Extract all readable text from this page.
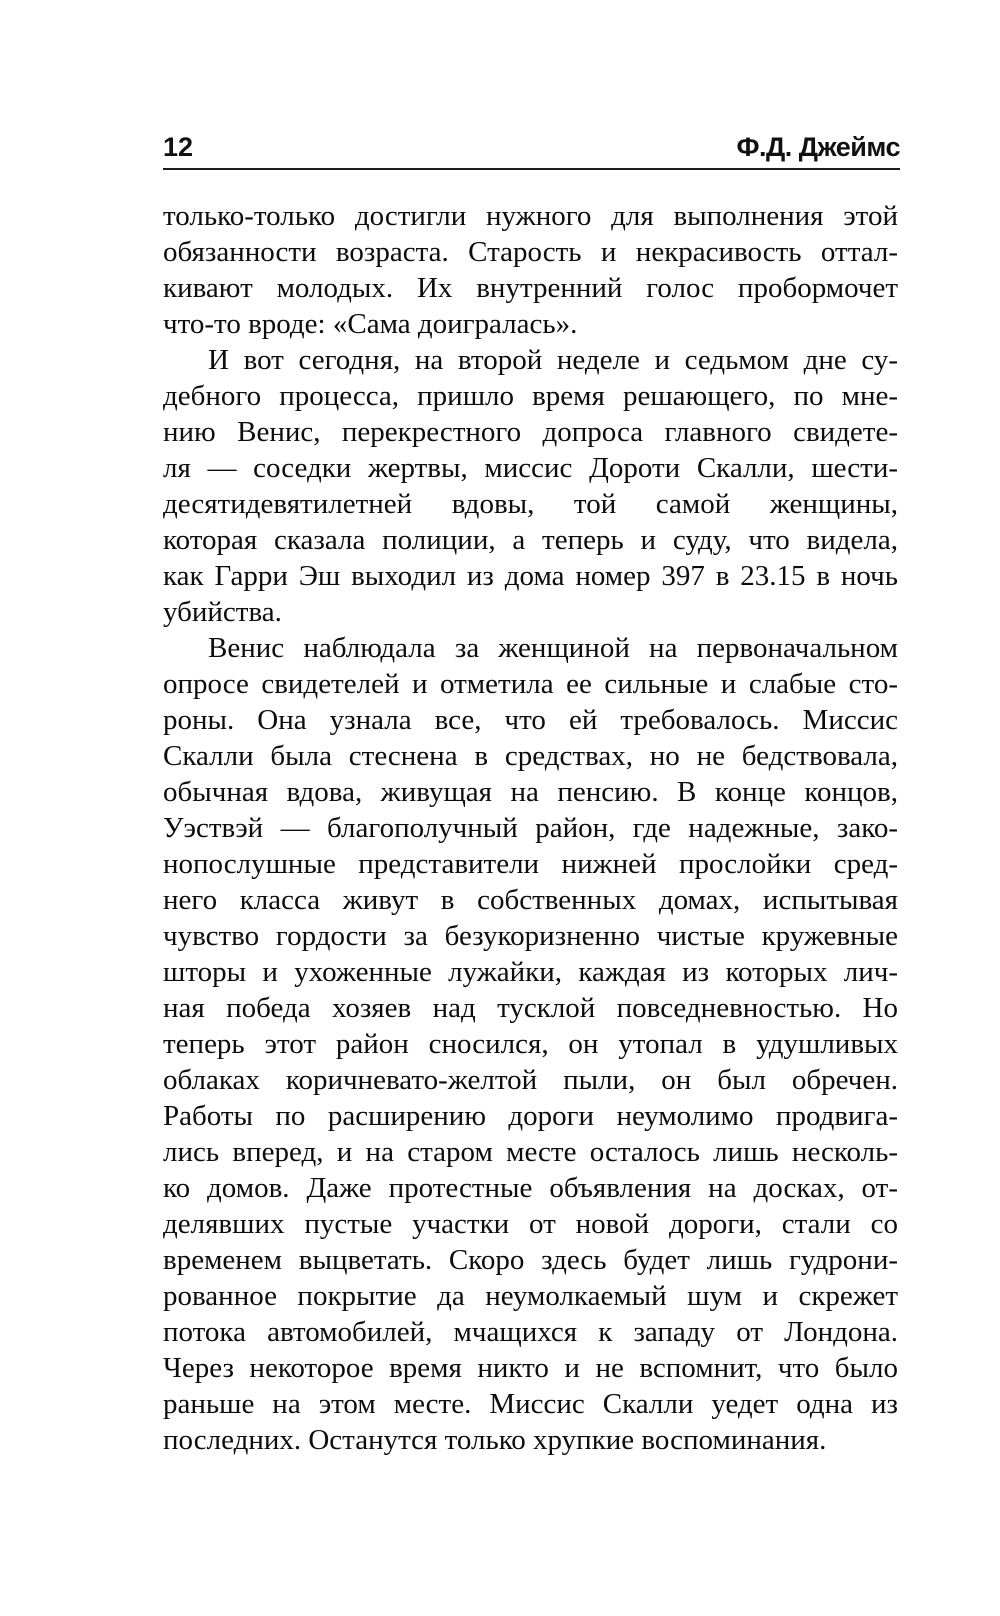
12	Ф.Д. Джеймс
только-только достигли нужного для выполнения этой
обязанности возраста. Старость и некрасивость оттал-
кивают молодых. Их внутренний голос пробормочет
что-то вроде: «Сама доигралась».
И вот сегодня, на второй неделе и седьмом дне су-
дебного процесса, пришло время решающего, по мне-
нию Венис, перекрестного допроса главного свидете-
ля — соседки жертвы, миссис Дороти Скалли, шести-
десятидевятилетней вдовы, той самой женщины,
которая сказала полиции, а теперь и суду, что видела,
как Гарри Эш выходил из дома номер 397 в 23.15 в ночь
убийства.
Венис наблюдала за женщиной на первоначальном
опросе свидетелей и отметила ее сильные и слабые сто-
роны. Она узнала все, что ей требовалось. Миссис
Скалли была стеснена в средствах, но не бедствовала,
обычная вдова, живущая на пенсию. В конце концов,
Уэствэй — благополучный район, где надежные, зако-
нопослушные представители нижней прослойки сред-
него класса живут в собственных домах, испытывая
чувство гордости за безукоризненно чистые кружевные
шторы и ухоженные лужайки, каждая из которых лич-
ная победа хозяев над тусклой повседневностью. Но
теперь этот район сносился, он утопал в удушливых
облаках коричневато-желтой пыли, он был обречен.
Работы по расширению дороги неумолимо продвига-
лись вперед, и на старом месте осталось лишь несколь-
ко домов. Даже протестные объявления на досках, от-
делявших пустые участки от новой дороги, стали со
временем выцветать. Скоро здесь будет лишь гудрони-
рованное покрытие да неумолкаемый шум и скрежет
потока автомобилей, мчащихся к западу от Лондона.
Через некоторое время никто и не вспомнит, что было
раньше на этом месте. Миссис Скалли уедет одна из
последних. Останутся только хрупкие воспоминания.
